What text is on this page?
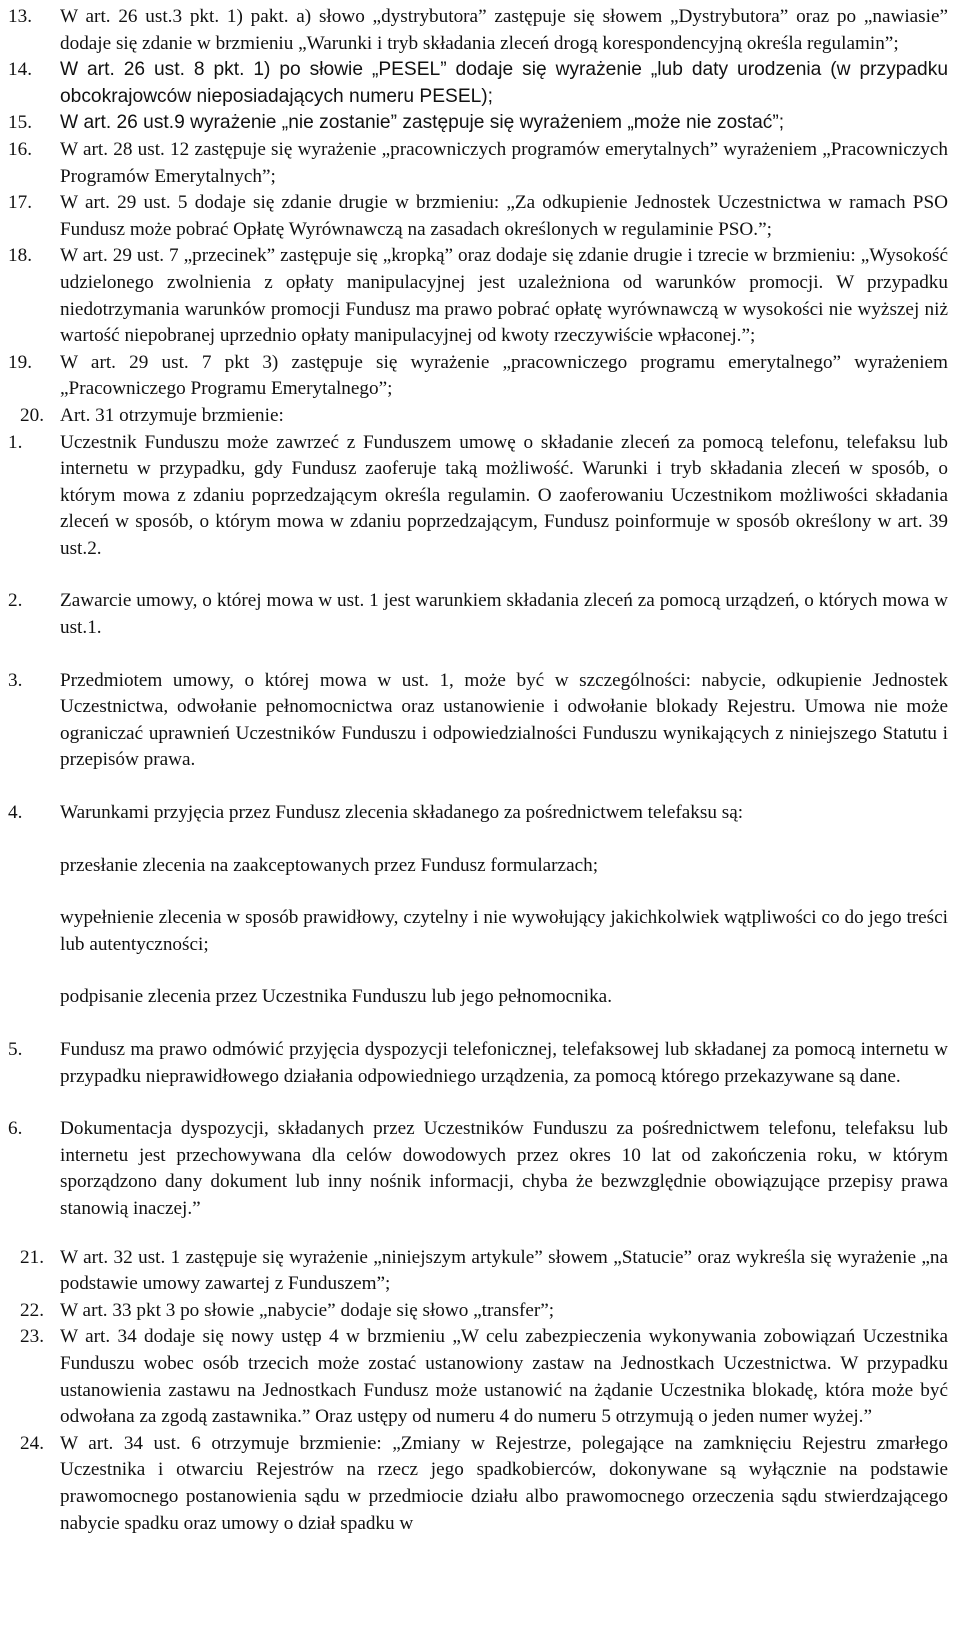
13.	W art. 26 ust.3 pkt. 1) pakt. a) słowo „dystrybutora” zastępuje się słowem „Dystrybutora” oraz po „nawiasie” dodaje się zdanie w brzmieniu „Warunki i tryb składania zleceń drogą korespondencyjną określa regulamin”;
14.	W art. 26 ust. 8 pkt. 1) po słowie „PESEL” dodaje się wyrażenie „lub daty urodzenia (w przypadku obcokrajowców nieposiadających numeru PESEL);
15.	W art. 26 ust.9 wyrażenie „nie zostanie” zastępuje się wyrażeniem „może nie zostać”;
16.	W art. 28 ust. 12 zastępuje się wyrażenie „pracowniczych programów emerytalnych” wyrażeniem „Pracowniczych Programów Emerytalnych”;
17.	W art. 29 ust. 5 dodaje się zdanie drugie w brzmieniu: „Za odkupienie Jednostek Uczestnictwa w ramach PSO Fundusz może pobrać Opłatę Wyrównawczą na zasadach określonych w regulaminie PSO.”;
18.	W art. 29 ust. 7 „przecinek” zastępuje się „kropką” oraz dodaje się zdanie drugie i tzrecie w brzmieniu: „Wysokość udzielonego zwolnienia z opłaty manipulacyjnej jest uzależniona od warunków promocji. W przypadku niedotrzymania warunków promocji Fundusz ma prawo pobrać opłatę wyrównawczą w wysokości nie wyższej niż wartość niepobranej uprzednio opłaty manipulacyjnej od kwoty rzeczywiście wpłaconej.”;
19.	W art. 29 ust. 7 pkt 3) zastępuje się wyrażenie „pracowniczego programu emerytalnego” wyrażeniem „Pracowniczego Programu Emerytalnego”;
20. Art. 31 otrzymuje brzmienie:
1.	Uczestnik Funduszu może zawrzeć z Funduszem umowę o składanie zleceń za pomocą telefonu, telefaksu lub internetu w przypadku, gdy Fundusz zaoferuje taką możliwość. Warunki i tryb składania zleceń w sposób, o którym mowa z zdaniu poprzedzającym określa regulamin. O zaoferowaniu Uczestnikom możliwości składania zleceń w sposób, o którym mowa w zdaniu poprzedzającym, Fundusz poinformuje w sposób określony w art. 39 ust.2.
2.	Zawarcie umowy, o której mowa w ust. 1 jest warunkiem składania zleceń za pomocą urządzeń, o których mowa w ust.1.
3.	Przedmiotem umowy, o której mowa w ust. 1, może być w szczególności: nabycie, odkupienie Jednostek Uczestnictwa, odwołanie pełnomocnictwa oraz ustanowienie i odwołanie blokady Rejestru. Umowa nie może ograniczać uprawnień Uczestników Funduszu i odpowiedzialności Funduszu wynikających z niniejszego Statutu i przepisów prawa.
4.	Warunkami przyjęcia przez Fundusz zlecenia składanego za pośrednictwem telefaksu są:
przesłanie zlecenia na zaakceptowanych przez Fundusz formularzach;
wypełnienie zlecenia w sposób prawidłowy, czytelny i nie wywołujący jakichkolwiek wątpliwości co do jego treści lub autentyczności;
podpisanie zlecenia przez Uczestnika Funduszu lub jego pełnomocnika.
5.	Fundusz ma prawo odmówić przyjęcia dyspozycji telefonicznej, telefaksowej lub składanej za pomocą internetu w przypadku nieprawidłowego działania odpowiedniego urządzenia, za pomocą którego przekazywane są dane.
6.	Dokumentacja dyspozycji, składanych przez Uczestników Funduszu za pośrednictwem telefonu, telefaksu lub internetu jest przechowywana dla celów dowodowych przez okres 10 lat od zakończenia roku, w którym sporządzono dany dokument lub inny nośnik informacji, chyba że bezwzględnie obowiązujące przepisy prawa stanowią inaczej.”
21. W art. 32 ust. 1 zastępuje się wyrażenie „niniejszym artykule” słowem „Statucie” oraz wykreśla się wyrażenie „na podstawie umowy zawartej z Funduszem”;
22. W art. 33 pkt 3 po słowie „nabycie” dodaje się słowo „transfer”;
23. W art. 34 dodaje się nowy ustęp 4 w brzmieniu „W celu zabezpieczenia wykonywania zobowiązań Uczestnika Funduszu wobec osób trzecich może zostać ustanowiony zastaw na Jednostkach Uczestnictwa. W przypadku ustanowienia zastawu na Jednostkach Fundusz może ustanowić na żądanie Uczestnika blokadę, która może być odwołana za zgodą zastawnika.” Oraz ustępy od numeru 4 do numeru 5 otrzymują o jeden numer wyżej.”
24. W art. 34 ust. 6 otrzymuje brzmienie: „Zmiany w Rejestrze, polegające na zamknięciu Rejestru zmarłego Uczestnika i otwarciu Rejestrów na rzecz jego spadkobierców, dokonywane są wyłącznie na podstawie prawomocnego postanowienia sądu w przedmiocie działu albo prawomocnego orzeczenia sądu stwierdzającego nabycie spadku oraz umowy o dział spadku w
